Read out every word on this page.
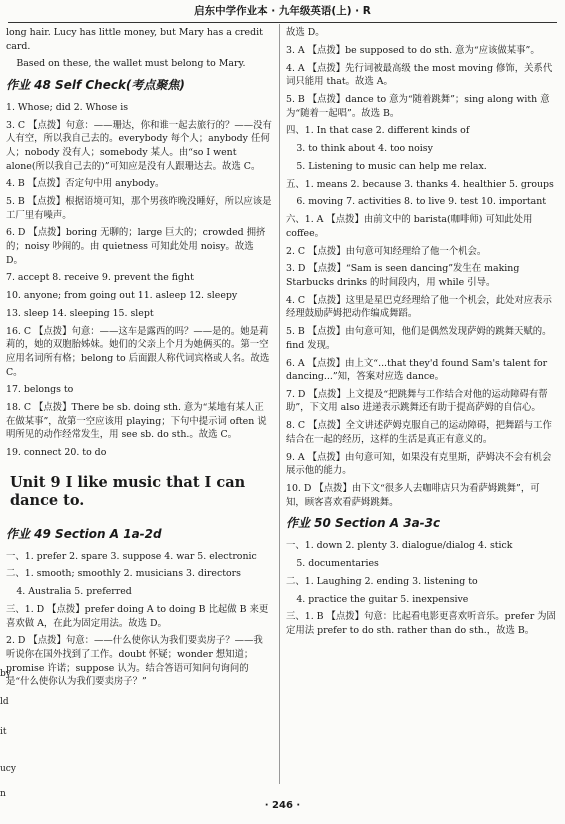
启东中学作业本 · 九年级英语(上) · R

long hair. Lucy has little money, but Mary has a credit card.

Based on these, the wallet must belong to Mary.

作业 48 Self Check(考点聚焦)

1. Whose; did 2. Whose is

3. C 【点拨】句意：——珊达，你和谁一起去旅行的？——没有人有空，所以我自己去的。everybody 每个人；anybody 任何人；nobody 没有人；somebody 某人。由“so I went alone(所以我自己去的)”可知应是没有人跟珊达去。故选 C。

4. B 【点拨】否定句中用 anybody。

5. B 【点拨】根据语境可知，那个男孩昨晚没睡好，所以应该是工厂里有噪声。

6. D 【点拨】boring 无聊的；large 巨大的；crowded 拥挤的；noisy 吵闹的。由 quietness 可知此处用 noisy。故选 D。

7. accept 8. receive 9. prevent the fight

10. anyone; from going out 11. asleep 12. sleepy

13. sleep 14. sleeping 15. slept

16. C 【点拨】句意：——这车是露西的吗？——是的。她是莉莉的，她的双胞胎姊妹。她们的父亲上个月为她俩买的。第一空应用名词所有格；belong to 后面跟人称代词宾格或人名。故选 C。

17. belongs to

18. C 【点拨】There be sb. doing sth. 意为“某地有某人正在做某事”，故第一空应该用 playing；下句中提示词 often 说明所见的动作经常发生，用 see sb. do sth.。故选 C。

19. connect 20. to do

Unit 9 I like music that I can dance to.

作业 49 Section A 1a-2d

一、1. prefer 2. spare 3. suppose 4. war 5. electronic

二、1. smooth; smoothly 2. musicians 3. directors

4. Australia 5. preferred

三、1. D 【点拨】prefer doing A to doing B 比起做 B 来更喜欢做 A，在此为固定用法。故选 D。

2. D 【点拨】句意：——什么使你认为我们要卖房子？——我听说你在国外找到了工作。doubt 怀疑；wonder 想知道；promise 许诺；suppose 认为。结合答语可知问句询问的是“什么使你认为我们要卖房子？”

故选 D。

3. A 【点拨】be supposed to do sth. 意为“应该做某事”。

4. A 【点拨】先行词被最高级 the most moving 修饰，关系代词只能用 that。故选 A。

5. B 【点拨】dance to 意为“随着跳舞”；sing along with 意为“随着一起唱”。故选 B。

四、1. In that case 2. different kinds of

3. to think about 4. too noisy

5. Listening to music can help me relax.

五、1. means 2. because 3. thanks 4. healthier 5. groups

6. moving 7. activities 8. to live 9. test 10. important

六、1. A 【点拨】由前文中的 barista(咖啡师) 可知此处用 coffee。

2. C 【点拨】由句意可知经理给了他一个机会。

3. D 【点拨】“Sam is seen dancing”发生在 making Starbucks drinks 的时间段内，用 while 引导。

4. C 【点拨】这里是星巴克经理给了他一个机会，此处对应表示经理鼓励萨姆把动作编成舞蹈。

5. B 【点拨】由句意可知，他们是偶然发现萨姆的跳舞天赋的。find 发现。

6. A 【点拨】由上文“...that they'd found Sam's talent for dancing...”知，答案对应选 dance。

7. D 【点拨】上文提及“把跳舞与工作结合对他的运动障碍有帮助”，下文用 also 进递表示跳舞还有助于提高萨姆的自信心。

8. C 【点拨】全文讲述萨姆克服自己的运动障碍，把舞蹈与工作结合在一起的经历，这样的生活是真正有意义的。

9. A 【点拨】由句意可知，如果没有克里斯，萨姆决不会有机会展示他的能力。

10. D 【点拨】由下文“很多人去咖啡店只为看萨姆跳舞”，可知，顾客喜欢看萨姆跳舞。

作业 50 Section A 3a-3c

一、1. down 2. plenty 3. dialogue/dialog 4. stick

5. documentaries

二、1. Laughing 2. ending 3. listening to

4. practice the guitar 5. inexpensive

三、1. B 【点拨】句意：比起看电影更喜欢听音乐。prefer 为固定用法 prefer to do sth. rather than do sth.，故选 B。

by
ld
it
ucy
n
· 246 ·
